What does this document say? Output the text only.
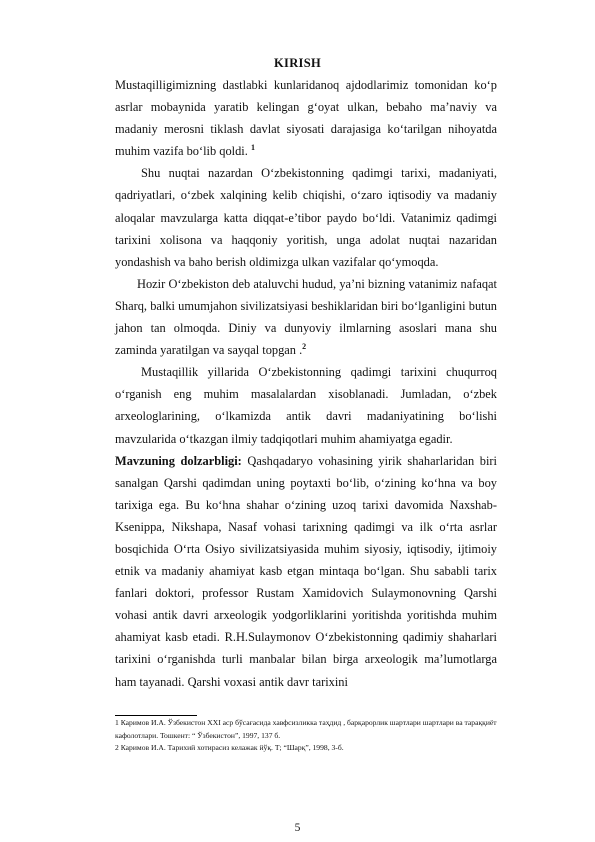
KIRISH

Mustaqilligimizning dastlabki kunlaridanoq ajdodlarimiz tomonidan ko‘p asrlar mobaynida yaratib kelingan g‘oyat ulkan, bebaho ma’naviy va madaniy merosni tiklash davlat siyosati darajasiga ko‘tarilgan nihoyatda muhim vazifa bo‘lib qoldi. $^1$

Shu nuqtai nazardan O‘zbekistonning qadimgi tarixi, madaniyati, qadriyatlari, o‘zbek xalqining kelib chiqishi, o‘zaro iqtisodiy va madaniy aloqalar mavzularga katta diqqat-e’tibor paydo bo‘ldi. Vatanimiz qadimgi tarixini xolisona va haqqoniy yoritish, unga adolat nuqtai nazaridan yondashish va baho berish oldimizga ulkan vazifalar qo‘ymoqda.

Hozir O‘zbekiston deb ataluvchi hudud, ya’ni bizning vatanimiz nafaqat Sharq, balki umumjahon sivilizatsiyasi beshiklaridan biri bo‘lganligini butun jahon tan olmoqda. Diniy va dunyoviy ilmlarning asoslari mana shu zaminda yaratilgan va sayqal topgan .$^2$

Mustaqillik yillarida O‘zbekistonning qadimgi tarixini chuqurroq o‘rganish eng muhim masalalardan xisoblanadi. Jumladan, o‘zbek arxeologlarining, o‘lkamizda antik davri madaniyatining bo‘lishi mavzularida o‘tkazgan ilmiy tadqiqotlari muhim ahamiyatga egadir.

Mavzuning dolzarbligi: Qashqadaryo vohasining yirik shaharlaridan biri sanalgan Qarshi qadimdan uning poytaxti bo‘lib, o‘zining ko‘hna va boy tarixiga ega. Bu ko‘hna shahar o‘zining uzoq tarixi davomida Naxshab-Ksenippa, Nikshapa, Nasaf vohasi tarixning qadimgi va ilk o‘rta asrlar bosqichida O‘rta Osiyo sivilizatsiyasida muhim siyosiy, iqtisodiy, ijtimoiy etnik va madaniy ahamiyat kasb etgan mintaqa bo‘lgan. Shu sababli tarix fanlari doktori, professor Rustam Xamidovich Sulaymonovning Qarshi vohasi antik davri arxeologik yodgorliklarini yoritishda yoritishda muhim ahamiyat kasb etadi. R.H.Sulaymonov O‘zbekistonning qadimiy shaharlari tarixini o‘rganishda turli manbalar bilan birga arxeologik ma’lumotlarga ham tayanadi. Qarshi voxasi antik davr tarixini

1 Каримов И.А. Ўзбекистон XXI аср бўсағасида хавфсизликка таҳдид , барқарорлик шартлари шартлари ва тараққиёт кафолотлари. Тошкент: “ Ўзбекистон”, 1997, 137 б.

2 Каримов И.А. Тарихий хотирасиз келажак йўқ. Т; “Шарқ”, 1998, 3-б.

5
